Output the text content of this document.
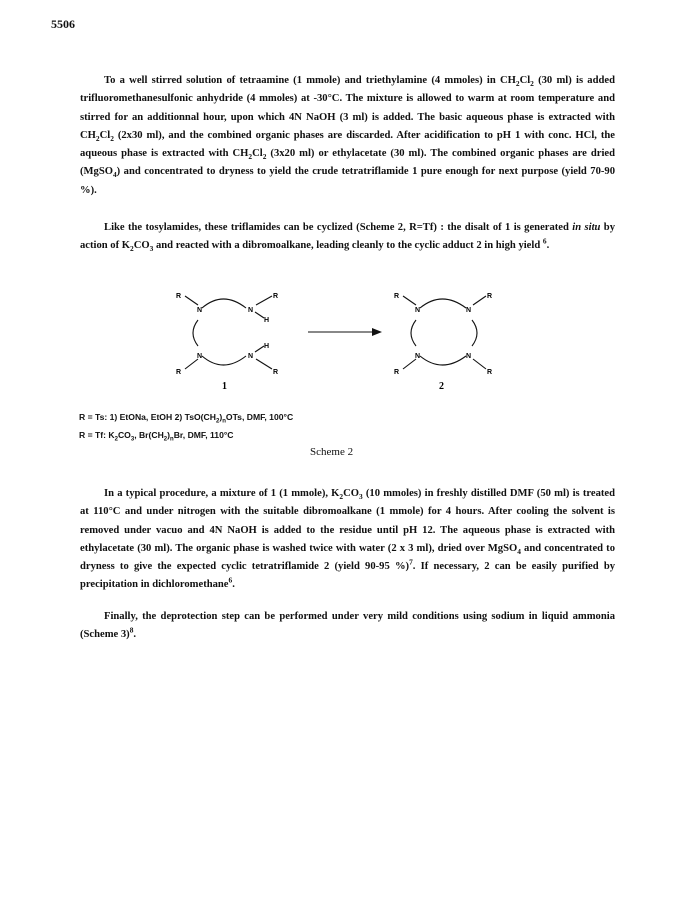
5506

To a well stirred solution of tetraamine (1 mmole) and triethylamine (4 mmoles) in $CH_2Cl_2$ (30 ml) is added trifluoromethanesulfonic anhydride (4 mmoles) at -30°C. The mixture is allowed to warm at room temperature and stirred for an additionnal hour, upon which 4N NaOH (3 ml) is added. The basic aqueous phase is extracted with $CH_2Cl_2$ (2x30 ml), and the combined organic phases are discarded. After acidification to pH 1 with conc. HCl, the aqueous phase is extracted with $CH_2Cl_2$ (3x20 ml) or ethylacetate (30 ml). The combined organic phases are dried (MgSO$_4$) and concentrated to dryness to yield the crude tetratriflamide 1 pure enough for next purpose (yield 70-90 %).

Like the tosylamides, these triflamides can be cyclized (Scheme 2, R=Tf) : the disalt of 1 is generated in situ by action of $K_2CO_3$ and reacted with a dibromoalkane, leading cleanly to the cyclic adduct 2 in high yield $^6$.

R
N
R
N
H
R
N
R
N
H
1
R
N
R
N
R
N
R
N
2
R = Ts: 1) EtONa, EtOH 2) $TsO(CH_2)_nOTs$, DMF, 100°C
R = Tf: $K_2CO_3$, $Br(CH_2)_nBr$, DMF, 110°C
Scheme 2

In a typical procedure, a mixture of 1 (1 mmole), $K_2CO_3$ (10 mmoles) in freshly distilled DMF (50 ml) is treated at 110°C and under nitrogen with the suitable dibromoalkane (1 mmole) for 4 hours. After cooling the solvent is removed under vacuo and 4N NaOH is added to the residue until pH 12. The aqueous phase is extracted with ethylacetate (30 ml). The organic phase is washed twice with water (2 x 3 ml), dried over MgSO$_4$ and concentrated to dryness to give the expected cyclic tetratriflamide 2 (yield 90-95 %)$^7$. If necessary, 2 can be easily purified by precipitation in dichloromethane$^6$.

Finally, the deprotection step can be performed under very mild conditions using sodium in liquid ammonia (Scheme 3)$^8$.
